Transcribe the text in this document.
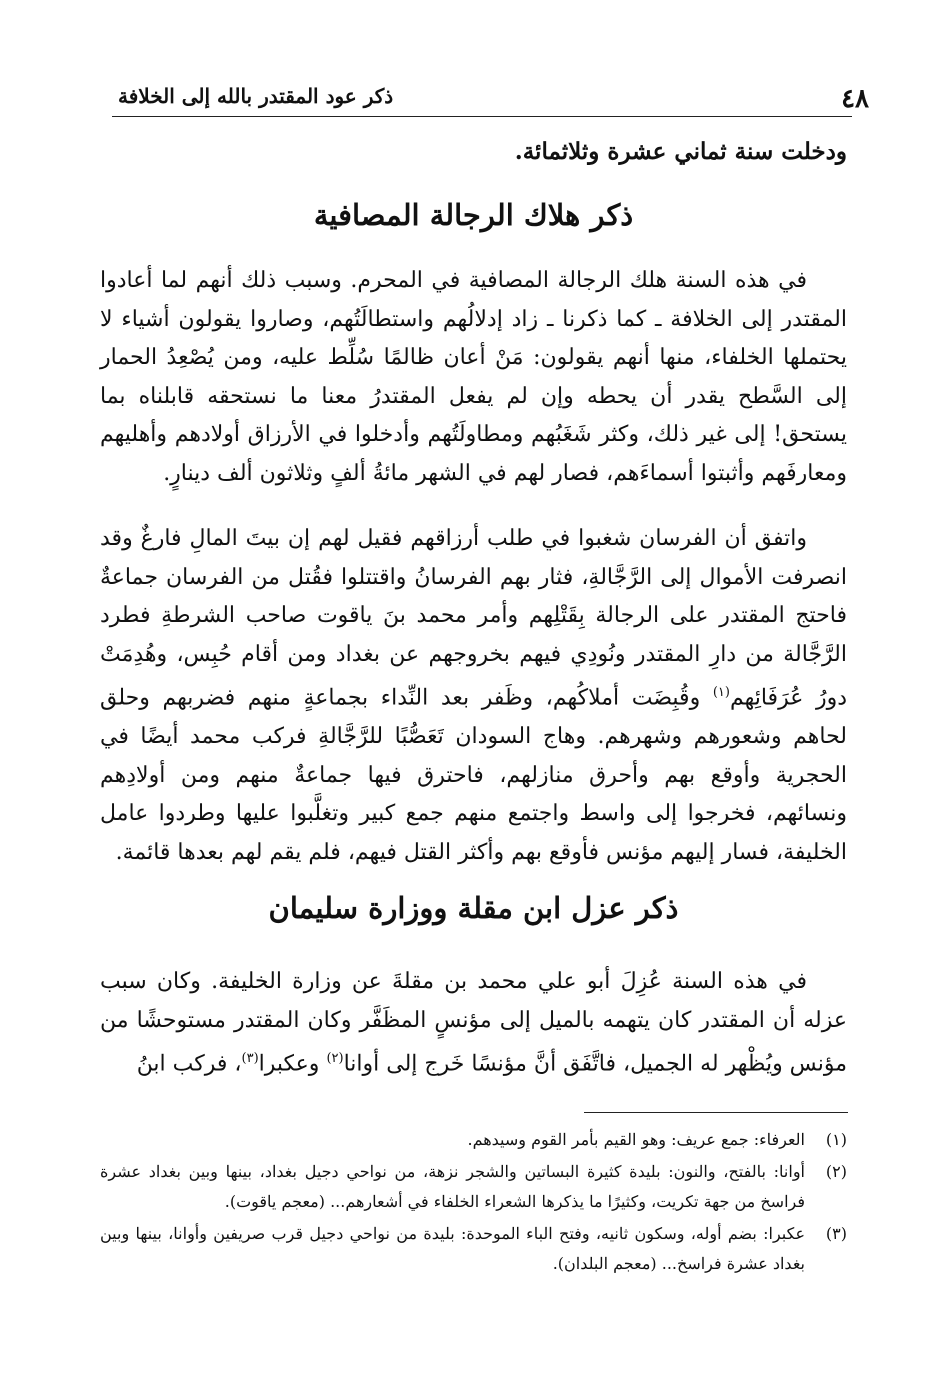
٤٨
ذكر عود المقتدر بالله إلى الخلافة
ودخلت سنة ثماني عشرة وثلاثمائة.
ذكر هلاك الرجالة المصافية

في هذه السنة هلك الرجالة المصافية في المحرم. وسبب ذلك أنهم لما أعادوا المقتدر إلى الخلافة ـ كما ذكرنا ـ زاد إدلالُهم واستطالَتُهم، وصاروا يقولون أشياء لا يحتملها الخلفاء، منها أنهم يقولون: مَنْ أعان ظالمًا سُلِّط عليه، ومن يُصْعِدُ الحمار إلى السَّطح يقدر أن يحطه وإن لم يفعل المقتدرُ معنا ما نستحقه قابلناه بما يستحق! إلى غير ذلك، وكثر شَغَبُهم ومطاولَتُهم وأدخلوا في الأرزاق أولادهم وأهليهم ومعارفَهم وأثبتوا أسماءَهم، فصار لهم في الشهر مائةُ ألفٍ وثلاثون ألف دينارٍ.

واتفق أن الفرسان شغبوا في طلب أرزاقهم فقيل لهم إن بيتَ المالِ فارغٌ وقد انصرفت الأموال إلى الرَّجَّالةِ، فثار بهم الفرسانُ واقتتلوا فقُتل من الفرسان جماعةٌ فاحتج المقتدر على الرجالة بِقَتْلِهم وأمر محمد بنَ ياقوت صاحب الشرطةِ فطرد الرَّجَّالة من دارِ المقتدر ونُودِي فيهم بخروجهم عن بغداد ومن أقام حُبِس، وهُدِمَتْ دورُ عُرَفَائِهم$^{(١)}$ وقُبِضَت أملاكُهم، وظَفر بعد النِّداء بجماعةٍ منهم فضربهم وحلق لحاهم وشعورهم وشهرهم. وهاج السودان تَعَصُّبًا للرَّجَّالةِ فركب محمد أيضًا في الحجرية وأوقع بهم وأحرق منازلهم، فاحترق فيها جماعةٌ منهم ومن أولادِهم ونسائهم، فخرجوا إلى واسط واجتمع منهم جمع كبير وتغلَّبوا عليها وطردوا عامل الخليفة، فسار إليهم مؤنس فأوقع بهم وأكثر القتل فيهم، فلم يقم لهم بعدها قائمة.

ذكر عزل ابن مقلة ووزارة سليمان

في هذه السنة عُزِلَ أبو علي محمد بن مقلةَ عن وزارة الخليفة. وكان سبب عزله أن المقتدر كان يتهمه بالميل إلى مؤنسٍ المظَفَّر وكان المقتدر مستوحشًا من مؤنس ويُظْهر له الجميل، فاتَّفَق أنَّ مؤنسًا خَرج إلى أوانا$^{(٢)}$ وعكبرا$^{(٣)}$، فركب ابنُ

(١)
العرفاء: جمع عريف: وهو القيم بأمر القوم وسيدهم.
(٢)
أوانا: بالفتح، والنون: بليدة كثيرة البساتين والشجر نزهة، من نواحي دجيل بغداد، بينها وبين بغداد عشرة فراسخ من جهة تكريت، وكثيرًا ما يذكرها الشعراء الخلفاء في أشعارهم... (معجم ياقوت).
(٣)
عكبرا: بضم أوله، وسكون ثانيه، وفتح الباء الموحدة: بليدة من نواحي دجيل قرب صريفين وأوانا، بينها وبين بغداد عشرة فراسخ... (معجم البلدان).
